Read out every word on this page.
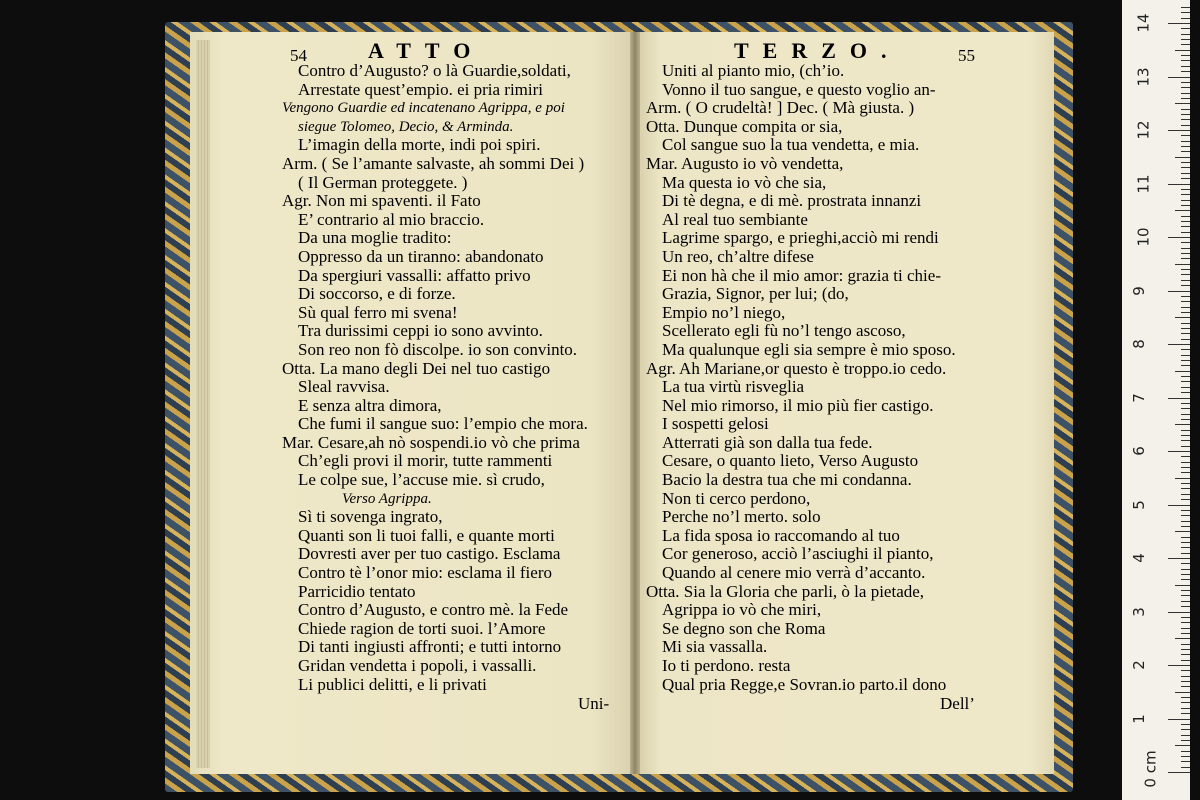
54	ATTO
Contro d’Augusto? o là Guardie,soldati,
Arrestate quest’empio. ei pria rimiri
Vengono Guardie ed incatenano Agrippa, e poi
siegue Tolomeo, Decio, & Arminda.
L’imagin della morte, indi poi spiri.
Arm. ( Se l’amante salvaste, ah sommi Dei )
( Il German proteggete. )
Agr. Non mi spaventi. il Fato
E’ contrario al mio braccio.
Da una moglie tradito:
Oppresso da un tiranno: abandonato
Da spergiuri vassalli: affatto privo
Di soccorso, e di forze.
Sù qual ferro mi svena!
Tra durissimi ceppi io sono avvinto.
Son reo non fò discolpe. io son convinto.
Otta. La mano degli Dei nel tuo castigo
Sleal ravvisa.
E senza altra dimora,
Che fumi il sangue suo: l’empio che mora.
Mar. Cesare,ah nò sospendi.io vò che prima
Ch’egli provi il morir, tutte rammenti
Le colpe sue, l’accuse mie. sì crudo,
Verso Agrippa.
Sì ti sovenga ingrato,
Quanti son li tuoi falli, e quante morti
Dovresti aver per tuo castigo. Esclama
Contro tè l’onor mio: esclama il fiero
Parricidio tentato
Contro d’Augusto, e contro mè. la Fede
Chiede ragion de torti suoi. l’Amore
Di tanti ingiusti affronti; e tutti intorno
Gridan vendetta i popoli, i vassalli.
Li publici delitti, e li privati
Uni-
TERZO.	55
Uniti al pianto mio, (ch’io.
Vonno il tuo sangue, e questo voglio an-
Arm. ( O crudeltà! ] Dec. ( Mà giusta. )
Otta. Dunque compita or sia,
Col sangue suo la tua vendetta, e mia.
Mar. Augusto io vò vendetta,
Ma questa io vò che sia,
Di tè degna, e di mè. prostrata innanzi
Al real tuo sembiante
Lagrime spargo, e prieghi,acciò mi rendi
Un reo, ch’altre difese
Ei non hà che il mio amor: grazia ti chie-
Grazia, Signor, per lui; (do,
Empio no’l niego,
Scellerato egli fù no’l tengo ascoso,
Ma qualunque egli sia sempre è mio sposo.
Agr. Ah Mariane,or questo è troppo.io cedo.
La tua virtù risveglia
Nel mio rimorso, il mio più fier castigo.
I sospetti gelosi
Atterrati già son dalla tua fede.
Cesare, o quanto lieto, Verso Augusto
Bacio la destra tua che mi condanna.
Non ti cerco perdono,
Perche no’l merto. solo
La fida sposa io raccomando al tuo
Cor generoso, acciò l’asciughi il pianto,
Quando al cenere mio verrà d’accanto.
Otta. Sia la Gloria che parli, ò la pietade,
Agrippa io vò che miri,
Se degno son che Roma
Mi sia vassalla.
Io ti perdono. resta
Qual pria Regge,e Sovran.io parto.il dono
Dell’
0 cm
1
2
3
4
5
6
7
8
9
10
11
12
13
14
